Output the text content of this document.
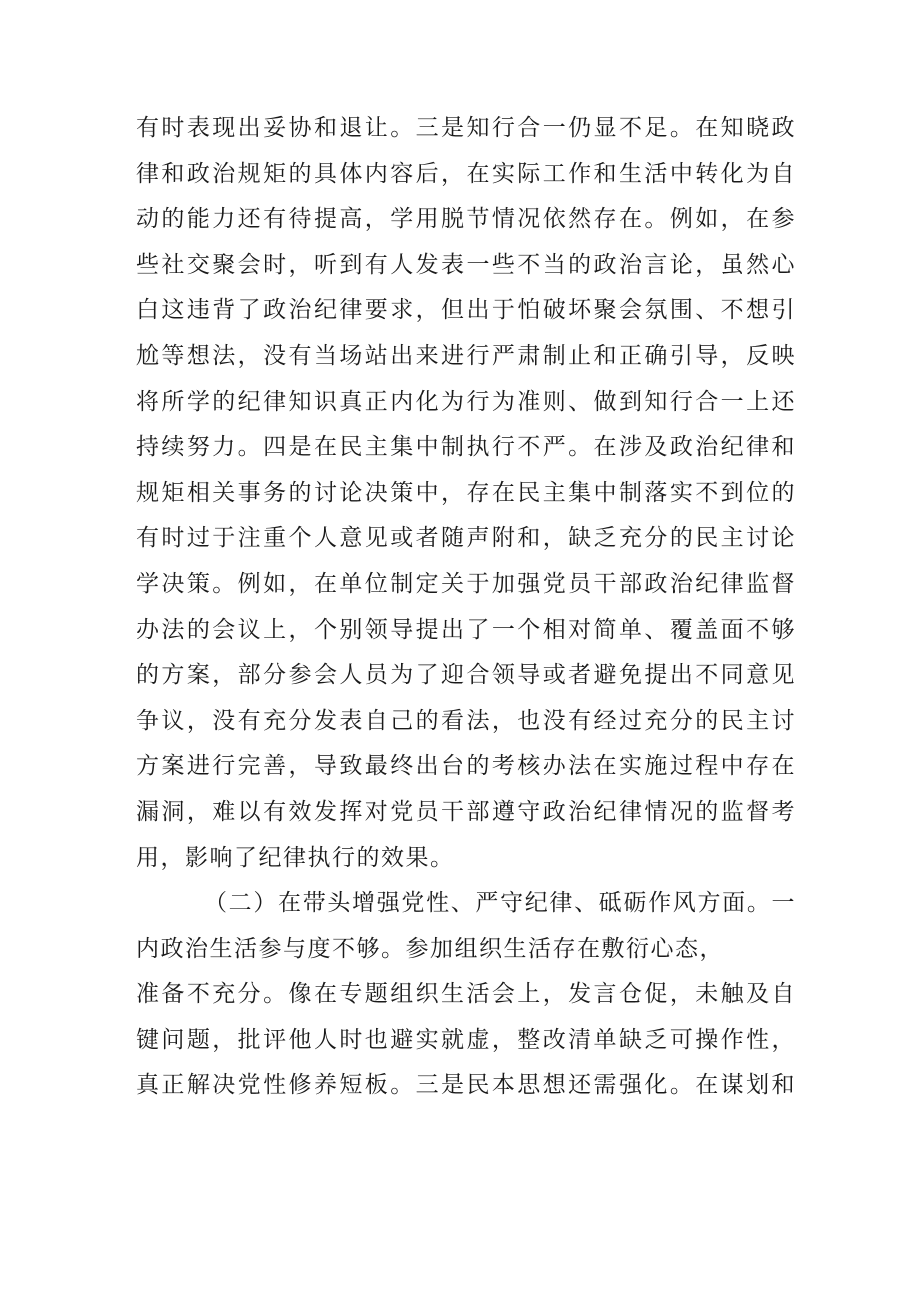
有时表现出妥协和退让。三是知行合一仍显不足。在知晓政
律和政治规矩的具体内容后，在实际工作和生活中转化为自
动的能力还有待提高，学用脱节情况依然存在。例如，在参
些社交聚会时，听到有人发表一些不当的政治言论，虽然心
白这违背了政治纪律要求，但出于怕破坏聚会氛围、不想引
尬等想法，没有当场站出来进行严肃制止和正确引导，反映
将所学的纪律知识真正内化为行为准则、做到知行合一上还
持续努力。四是在民主集中制执行不严。在涉及政治纪律和
规矩相关事务的讨论决策中，存在民主集中制落实不到位的
有时过于注重个人意见或者随声附和，缺乏充分的民主讨论
学决策。例如，在单位制定关于加强党员干部政治纪律监督
办法的会议上，个别领导提出了一个相对简单、覆盖面不够
的方案，部分参会人员为了迎合领导或者避免提出不同意见
争议，没有充分发表自己的看法，也没有经过充分的民主讨
方案进行完善，导致最终出台的考核办法在实施过程中存在
漏洞，难以有效发挥对党员干部遵守政治纪律情况的监督考
用，影响了纪律执行的效果。
（二）在带头增强党性、严守纪律、砥砺作风方面。一
内政治生活参与度不够。参加组织生活存在敷衍心态，
准备不充分。像在专题组织生活会上，发言仓促，未触及自
键问题，批评他人时也避实就虚，整改清单缺乏可操作性，
真正解决党性修养短板。三是民本思想还需强化。在谋划和
